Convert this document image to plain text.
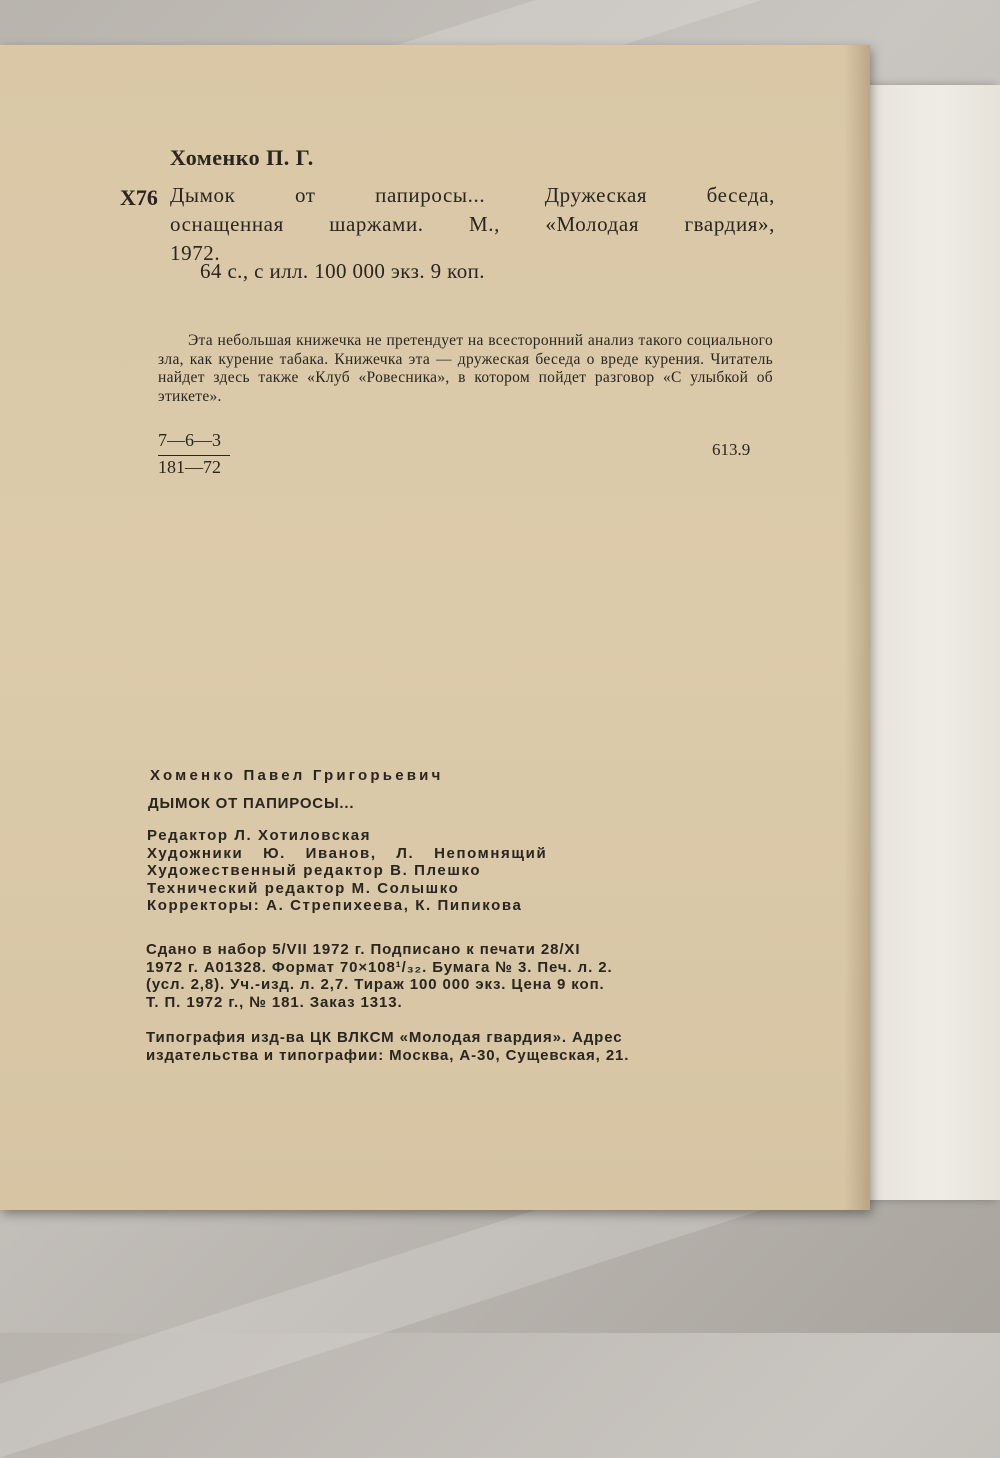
Хоменко П. Г.
Х76 Дымок от папиросы... Дружеская беседа,
оснащенная шаржами. М., «Молодая гвардия»,
1972.
64 с., с илл. 100 000 экз. 9 коп.
Эта небольшая книжечка не претендует на всесторонний анализ такого социального зла, как курение табака. Книжечка эта — дружеская беседа о вреде курения. Читатель найдет здесь также «Клуб «Ровесника», в котором пойдет разговор «С улыбкой об этикете».
7—6—3
181—72
613.9
Хоменко Павел Григорьевич
ДЫМОК ОТ ПАПИРОСЫ...
Редактор Л. Хотиловская
Художники Ю. Иванов, Л. Непомнящий
Художественный редактор В. Плешко
Технический редактор М. Солышко
Корректоры: А. Стрепихеева, К. Пипикова
Сдано в набор 5/VII 1972 г. Подписано к печати 28/XI
1972 г. А01328. Формат 70×108¹/₃₂. Бумага № 3. Печ. л. 2.
(усл. 2,8). Уч.-изд. л. 2,7. Тираж 100 000 экз. Цена 9 коп.
Т. П. 1972 г., № 181. Заказ 1313.
Типография изд-ва ЦК ВЛКСМ «Молодая гвардия». Адрес
издательства и типографии: Москва, А-30, Сущевская, 21.
